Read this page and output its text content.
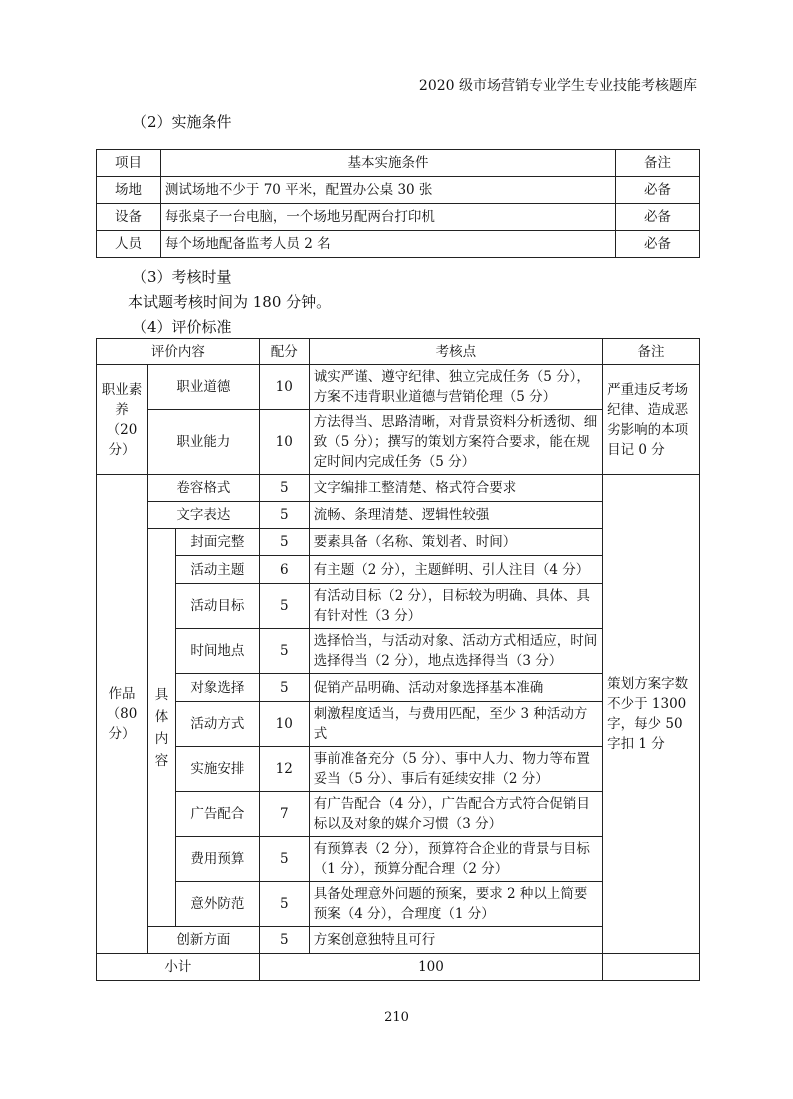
2020 级市场营销专业学生专业技能考核题库
（2）实施条件
项目	基本实施条件	备注
场地	测试场地不少于 70 平米，配置办公桌 30 张	必备
设备	每张桌子一台电脑，一个场地另配两台打印机	必备
人员	每个场地配备监考人员 2 名	必备
（3）考核时量
本试题考核时间为 180 分钟。
（4）评价标准
评价内容			配分	考核点	备注
职业素养（20分）	职业道德		10	诚实严谨、遵守纪律、独立完成任务（5 分），方案不违背职业道德与营销伦理（5 分）	严重违反考场纪律、造成恶劣影响的本项目记 0 分
	职业能力		10	方法得当、思路清晰，对背景资料分析透彻、细致（5 分）；撰写的策划方案符合要求，能在规定时间内完成任务（5 分）	
作品（80分）	卷容格式		5	文字编排工整清楚、格式符合要求	策划方案字数不少于 1300 字，每少 50 字扣 1 分
	文字表达		5	流畅、条理清楚、逻辑性较强	
	具体内容	封面完整	5	要素具备（名称、策划者、时间）	
		活动主题	6	有主题（2 分），主题鲜明、引人注目（4 分）	
		活动目标	5	有活动目标（2 分），目标较为明确、具体、具有针对性（3 分）	
		时间地点	5	选择恰当，与活动对象、活动方式相适应，时间选择得当（2 分），地点选择得当（3 分）	
		对象选择	5	促销产品明确、活动对象选择基本准确	
		活动方式	10	刺激程度适当，与费用匹配，至少 3 种活动方式	
		实施安排	12	事前准备充分（5 分）、事中人力、物力等布置妥当（5 分）、事后有延续安排（2 分）	
		广告配合	7	有广告配合（4 分），广告配合方式符合促销目标以及对象的媒介习惯（3 分）	
		费用预算	5	有预算表（2 分），预算符合企业的背景与目标（1 分），预算分配合理（2 分）	
		意外防范	5	具备处理意外问题的预案，要求 2 种以上简要预案（4 分），合理度（1 分）	
	创新方面		5	方案创意独特且可行	
小计			100		
210
